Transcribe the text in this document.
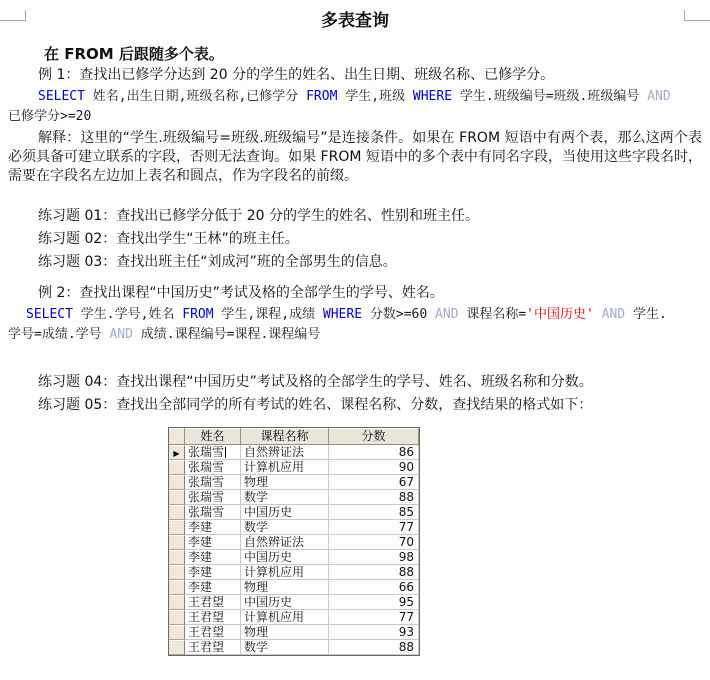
多表查询
在 FROM 后跟随多个表。

例 1：查找出已修学分达到 20 分的学生的姓名、出生日期、班级名称、已修学分。

SELECT 姓名,出生日期,班级名称,已修学分 FROM 学生,班级 WHERE 学生.班级编号=班级.班级编号 AND
已修学分>=20

解释：这里的“学生.班级编号=班级.班级编号”是连接条件。如果在 FROM 短语中有两个表，那么这两个表必须具备可建立联系的字段，否则无法查询。如果 FROM 短语中的多个表中有同名字段，当使用这些字段名时，需要在字段名左边加上表名和圆点，作为字段名的前缀。

练习题 01：查找出已修学分低于 20 分的学生的姓名、性别和班主任。

练习题 02：查找出学生“王林”的班主任。

练习题 03：查找出班主任“刘成河”班的全部男生的信息。

例 2：查找出课程“中国历史”考试及格的全部学生的学号、姓名。

SELECT 学生.学号,姓名 FROM 学生,课程,成绩 WHERE 分数>=60 AND 课程名称='中国历史' AND 学生.
学号=成绩.学号 AND 成绩.课程编号=课程.课程编号

练习题 04：查找出课程“中国历史”考试及格的全部学生的学号、姓名、班级名称和分数。

练习题 05：查找出全部同学的所有考试的姓名、课程名称、分数，查找结果的格式如下：

姓名	课程名称	分数
▶ 张瑞雪	自然辨证法	86
张瑞雪	计算机应用	90
张瑞雪	物理	67
张瑞雪	数学	88
张瑞雪	中国历史	85
李建	数学	77
李建	自然辨证法	70
李建	中国历史	98
李建	计算机应用	88
李建	物理	66
王君望	中国历史	95
王君望	计算机应用	77
王君望	物理	93
王君望	数学	88
